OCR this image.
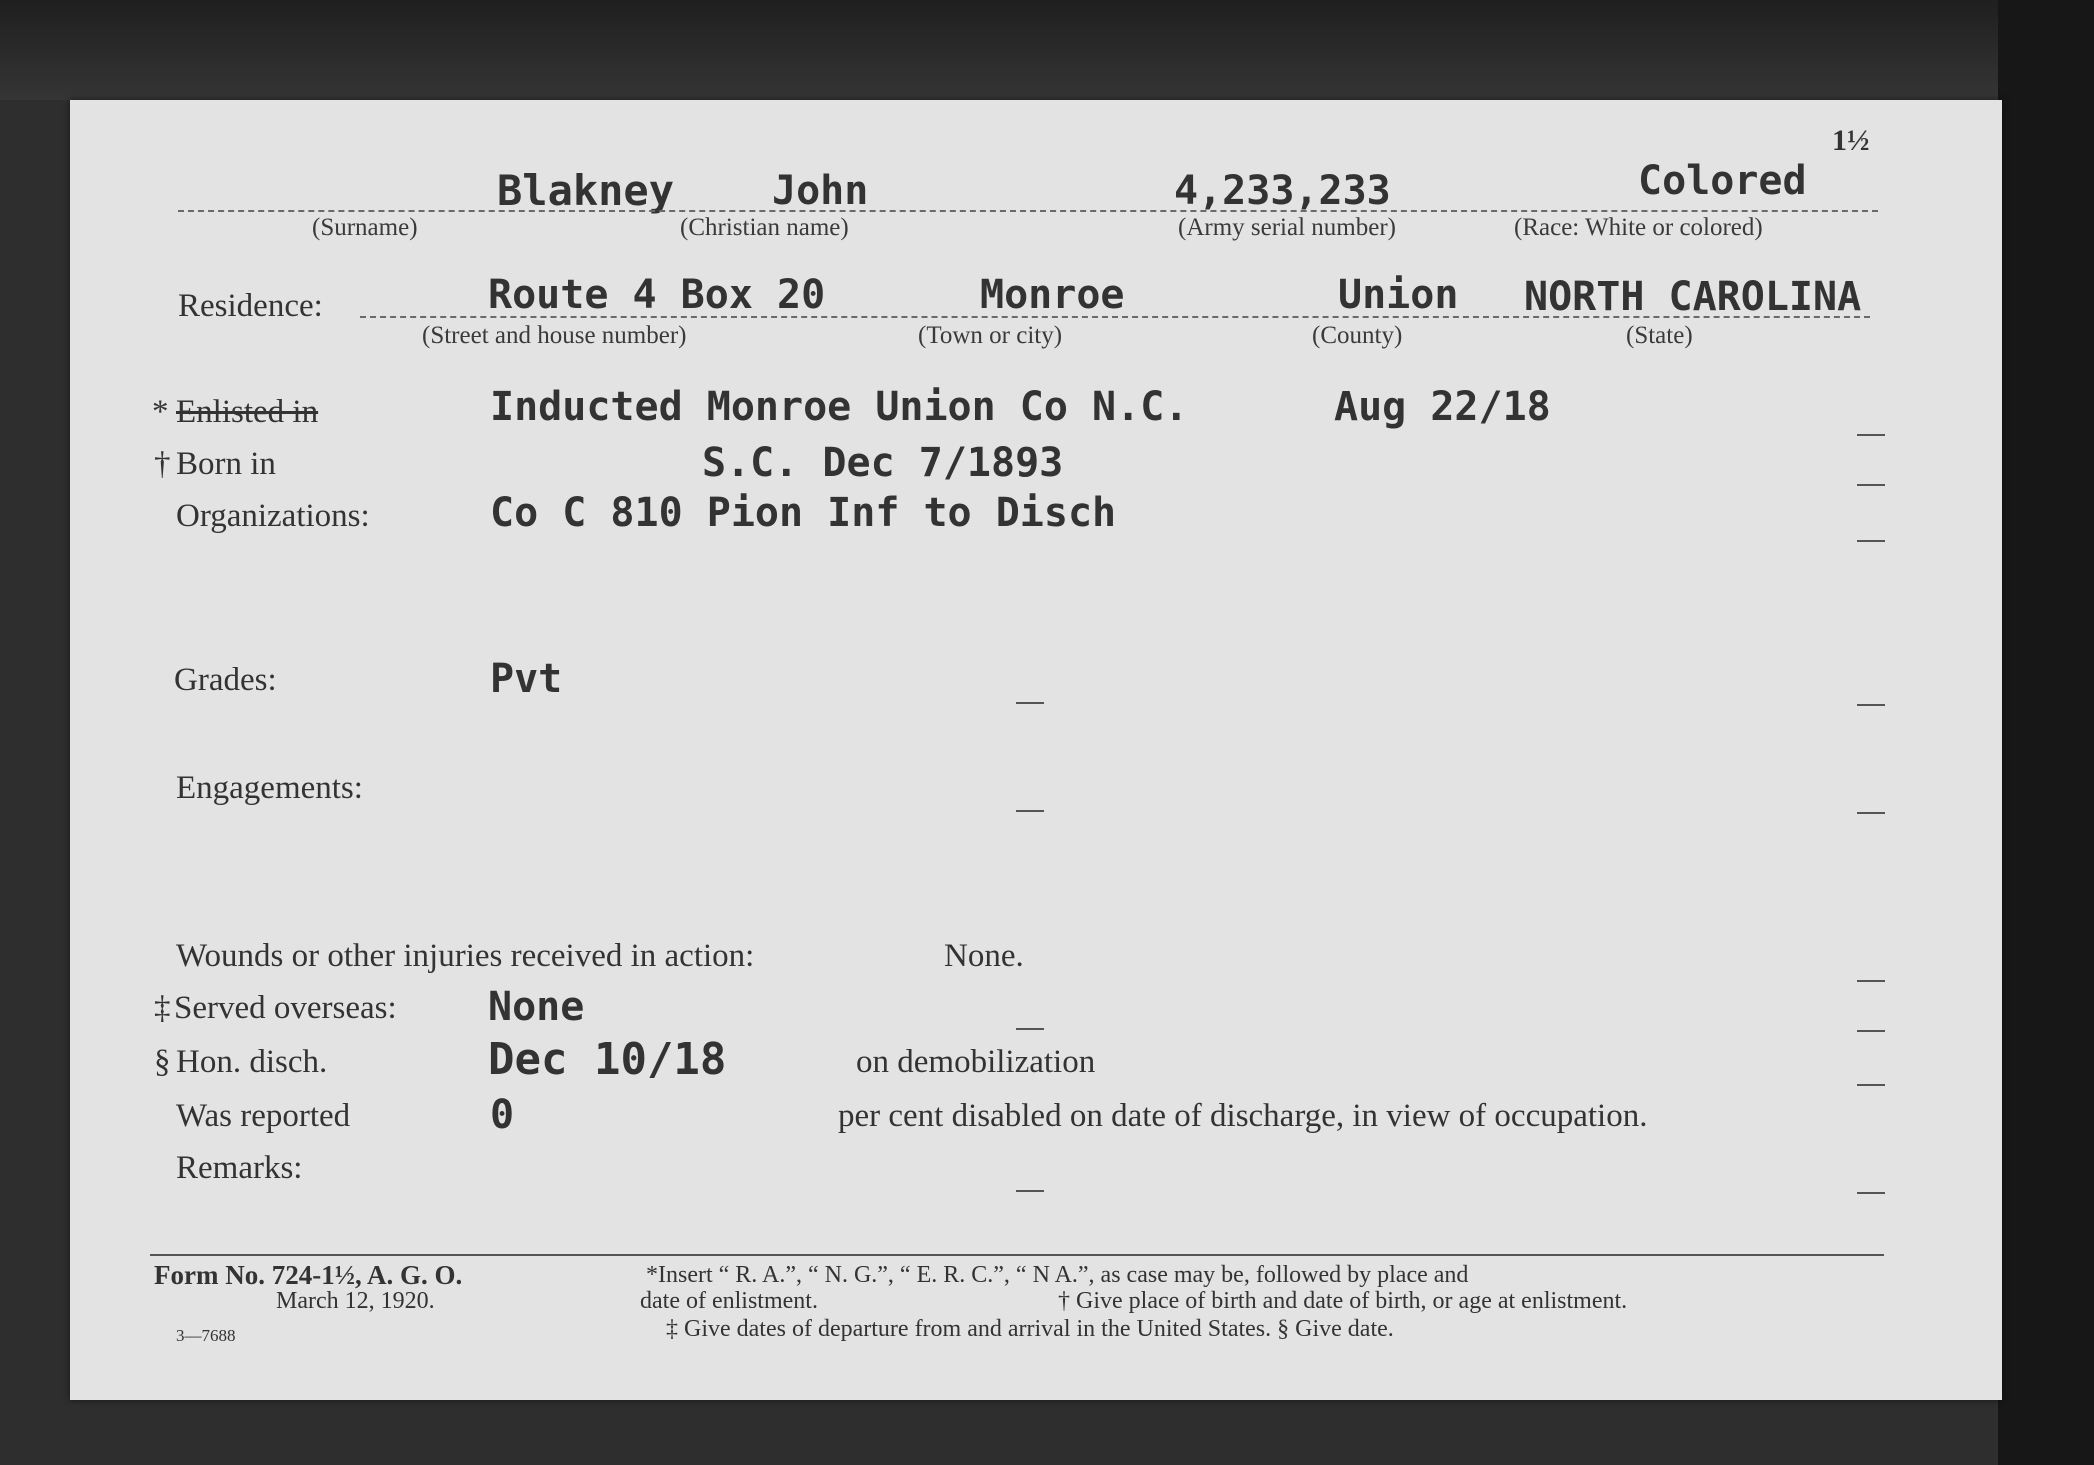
1½
Blakney John	4,233,233	Colored
(Surname)	(Christian name)	(Army serial number)	(Race: White or colored)
Residence:	Route 4 Box 20	Monroe	Union NORTH CAROLINA
(Street and house number)	(Town or city)	(County)	(State)
* Enlisted in	Inducted Monroe Union Co N.C.	Aug 22/18
† Born in	S.C. Dec 7/1893
Organizations:	Co C 810 Pion Inf to Disch
Grades:	Pvt
Engagements:
Wounds or other injuries received in action:	None.
‡ Served overseas: None
§ Hon. disch.	Dec 10/18	on demobilization
Was reported	0	per cent disabled on date of discharge, in view of occupation.
Remarks:
Form No. 724-1½, A. G. O.
March 12, 1920.
3—7688
*Insert “ R. A.”, “ N. G.”, “ E. R. C.”, “ N A.”, as case may be, followed by place and
date of enlistment.	† Give place of birth and date of birth, or age at enlistment.
‡ Give dates of departure from and arrival in the United States. § Give date.
